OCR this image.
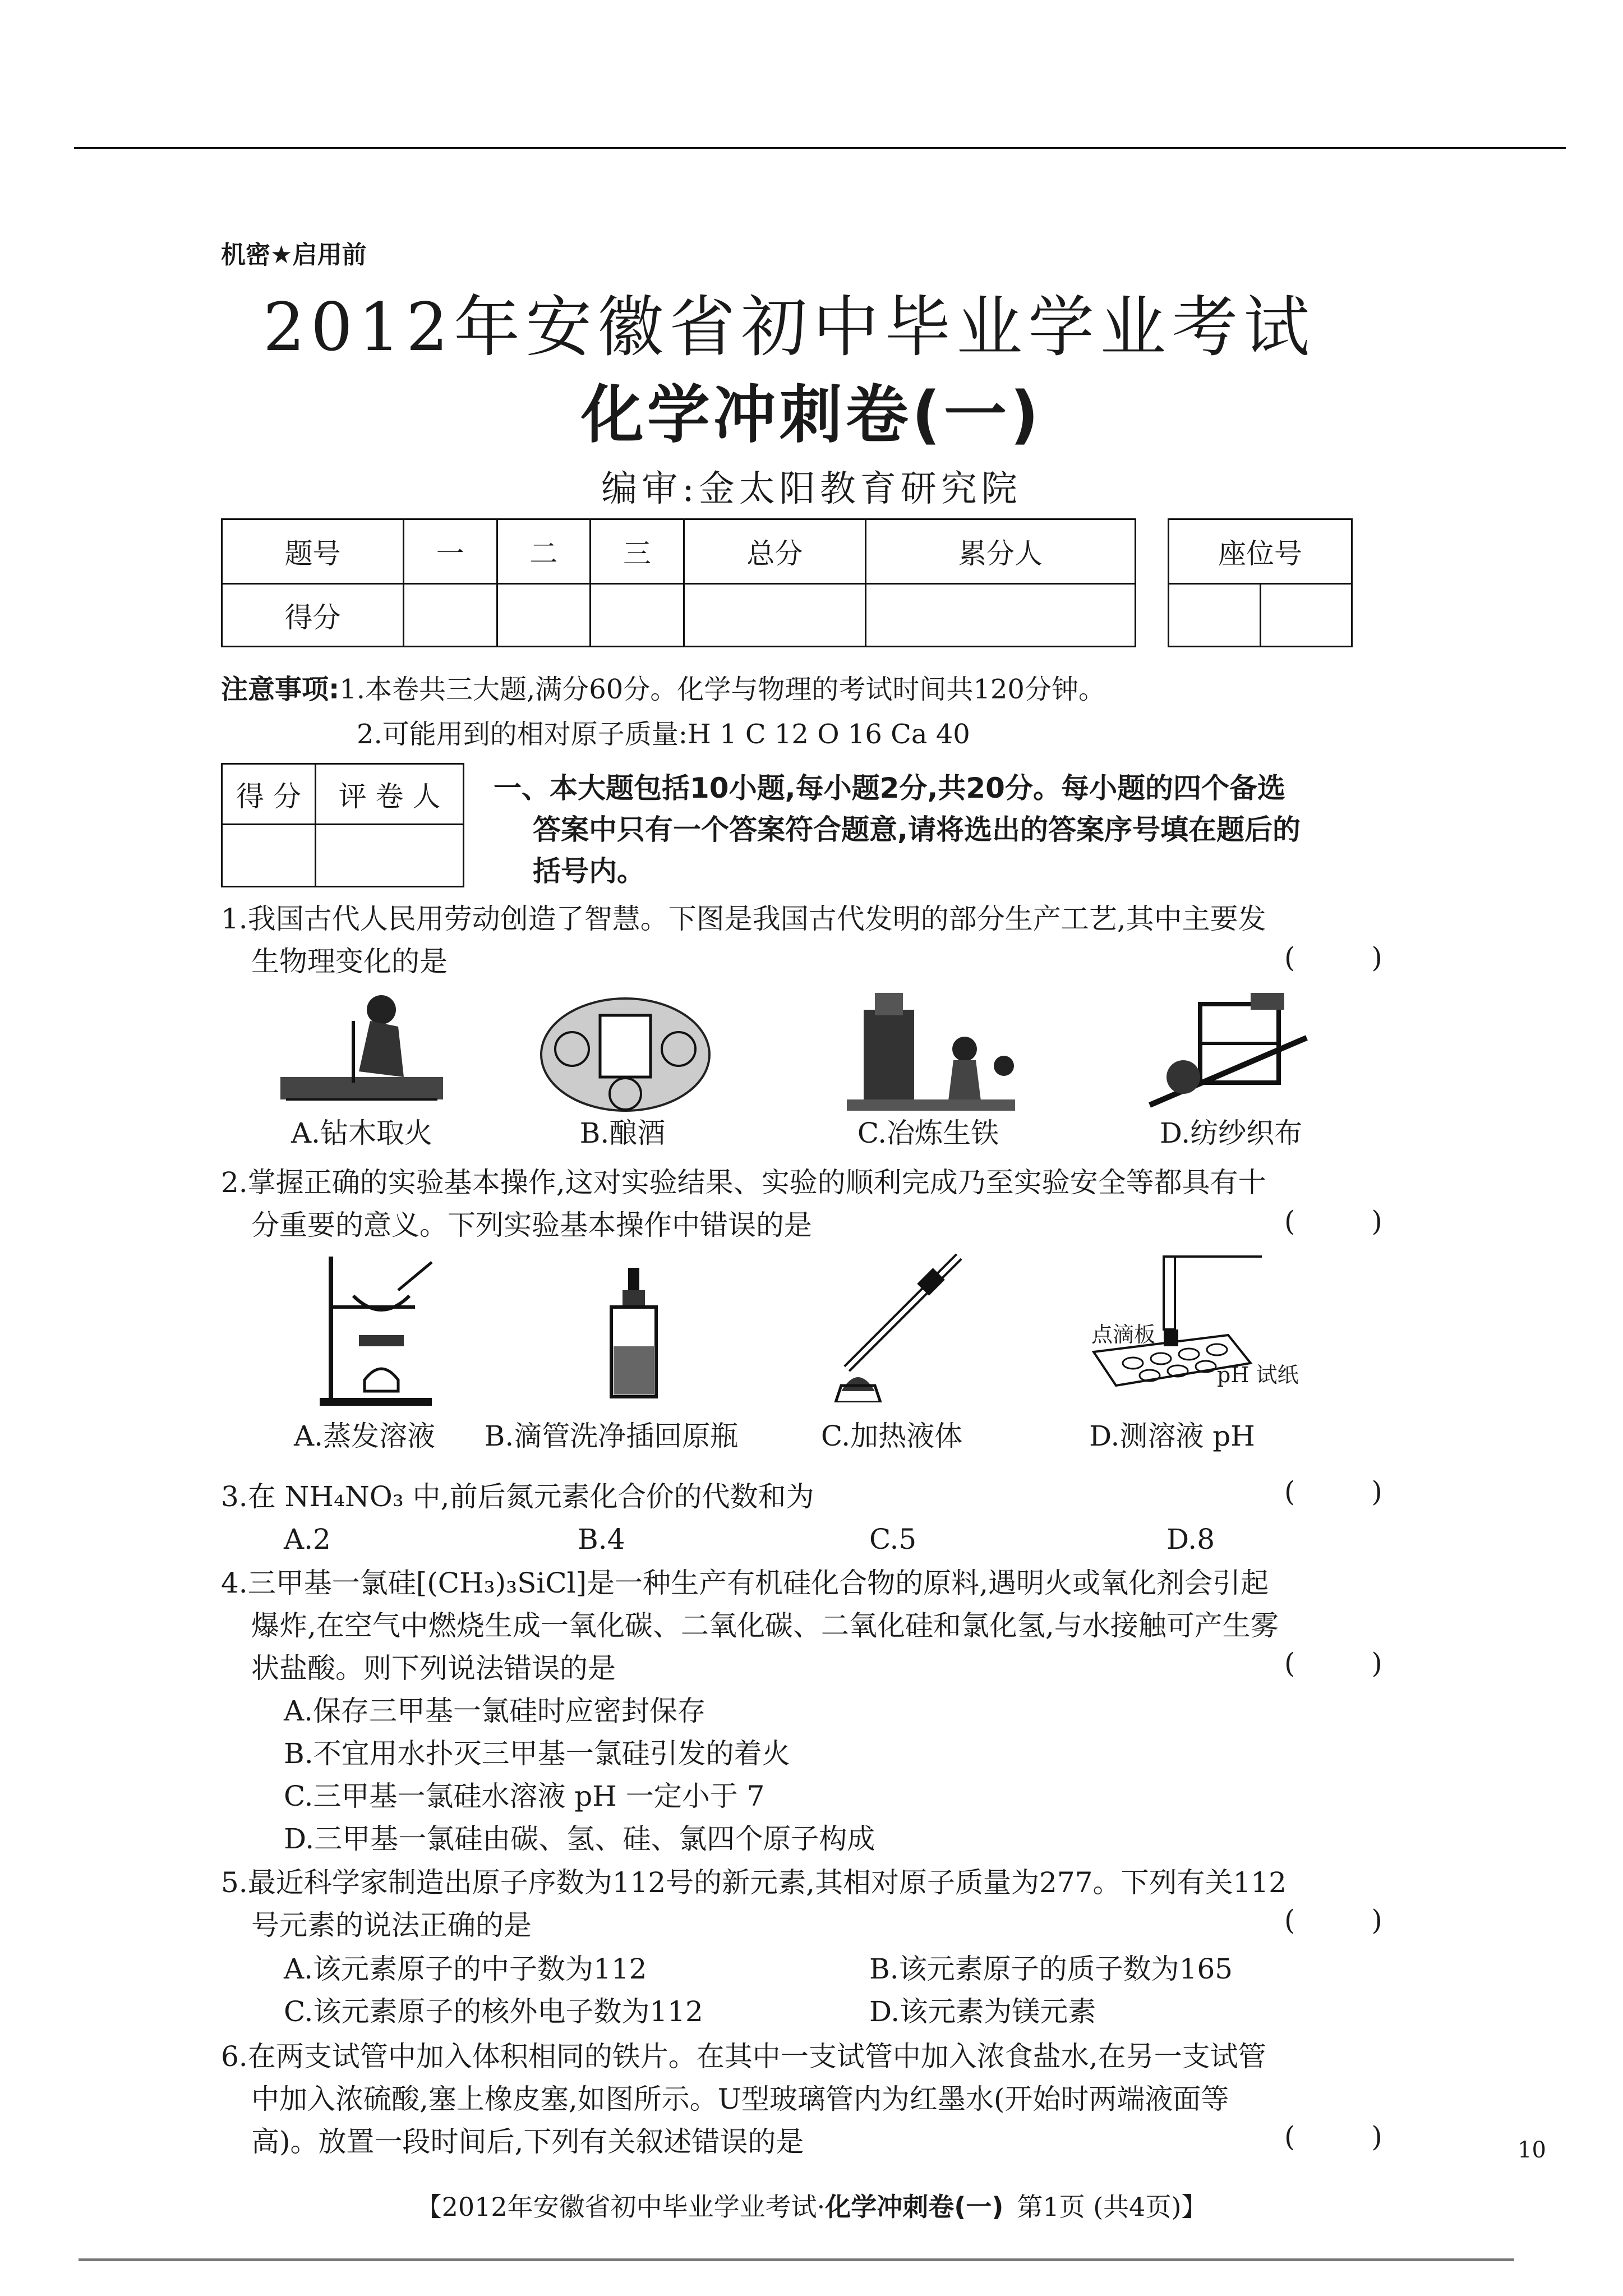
机密★启用前
2012年安徽省初中毕业学业考试
化学冲刺卷(一)
编审:金太阳教育研究院
题号	一	二	三	总分	累分人
得分					
座位号

注意事项:1.本卷共三大题,满分60分。化学与物理的考试时间共120分钟。
2.可能用到的相对原子质量:H 1 C 12 O 16 Ca 40
得 分	评 卷 人
	一、本大题包括10小题,每小题2分,共20分。每小题的四个备选
答案中只有一个答案符合题意,请将选出的答案序号填在题后的
括号内。
1.我国古代人民用劳动创造了智慧。下图是我国古代发明的部分生产工艺,其中主要发
生物理变化的是	( )
A.钻木取火	B.酿酒	C.冶炼生铁	D.纺纱织布
2.掌握正确的实验基本操作,这对实验结果、实验的顺利完成乃至实验安全等都具有十
分重要的意义。下列实验基本操作中错误的是	( )
点滴板
pH 试纸
A.蒸发溶液	B.滴管洗净插回原瓶	C.加热液体	D.测溶液 pH
3.在 NH₄NO₃ 中,前后氮元素化合价的代数和为	( )
A.2	B.4	C.5	D.8
4.三甲基一氯硅[(CH₃)₃SiCl]是一种生产有机硅化合物的原料,遇明火或氧化剂会引起
爆炸,在空气中燃烧生成一氧化碳、二氧化碳、二氧化硅和氯化氢,与水接触可产生雾
状盐酸。则下列说法错误的是
A.保存三甲基一氯硅时应密封保存
B.不宜用水扑灭三甲基一氯硅引发的着火
C.三甲基一氯硅水溶液 pH 一定小于 7
D.三甲基一氯硅由碳、氢、硅、氯四个原子构成
( )
5.最近科学家制造出原子序数为112号的新元素,其相对原子质量为277。下列有关112
号元素的说法正确的是	( )
A.该元素原子的中子数为112	B.该元素原子的质子数为165
C.该元素原子的核外电子数为112	D.该元素为镁元素
6.在两支试管中加入体积相同的铁片。在其中一支试管中加入浓食盐水,在另一支试管
中加入浓硫酸,塞上橡皮塞,如图所示。U型玻璃管内为红墨水(开始时两端液面等
高)。放置一段时间后,下列有关叙述错误的是	( )	10
【2012年安徽省初中毕业学业考试·化学冲刺卷(一) 第1页 (共4页)】
